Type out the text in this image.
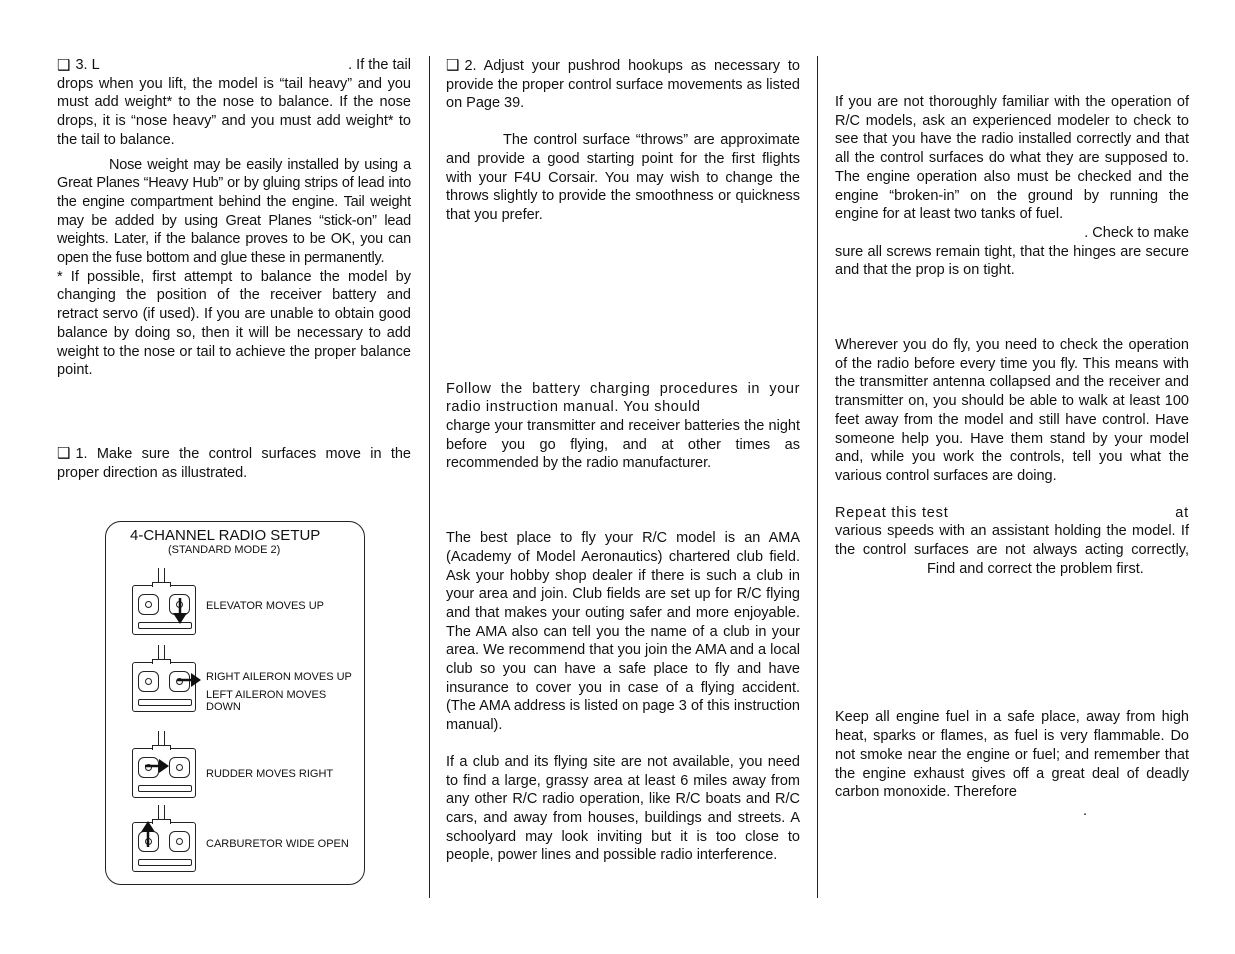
❑ 3. L	. If the tail

drops when you lift, the model is “tail heavy” and you must add weight* to the nose to balance. If the nose drops, it is “nose heavy” and you must add weight* to the tail to balance.

Nose weight may be easily installed by using a Great Planes “Heavy Hub” or by gluing strips of lead into the engine compartment behind the engine. Tail weight may be added by using Great Planes “stick-on” lead weights. Later, if the balance proves to be OK, you can open the fuse bottom and glue these in permanently.

* If possible, first attempt to balance the model by changing the position of the receiver battery and retract servo (if used). If you are unable to obtain good balance by doing so, then it will be necessary to add weight to the nose or tail to achieve the proper balance point.

❑ 1. Make sure the control surfaces move in the proper direction as illustrated.

4-CHANNEL RADIO SETUP
(STANDARD MODE 2)
ELEVATOR MOVES UP
RIGHT AILERON MOVES UP
LEFT AILERON MOVES DOWN
RUDDER MOVES RIGHT
CARBURETOR WIDE OPEN

❑ 2. Adjust your pushrod hookups as necessary to provide the proper control surface movements as listed on Page 39.

The control surface “throws” are approximate and provide a good starting point for the first flights with your F4U Corsair. You may wish to change the throws slightly to provide the smoothness or quickness that you prefer.

Follow the battery charging procedures in your radio instruction manual. You should

charge your transmitter and receiver batteries the night before you go flying, and at other times as recommended by the radio manufacturer.

The best place to fly your R/C model is an AMA (Academy of Model Aeronautics) chartered club field. Ask your hobby shop dealer if there is such a club in your area and join. Club fields are set up for R/C flying and that makes your outing safer and more enjoyable. The AMA also can tell you the name of a club in your area. We recommend that you join the AMA and a local club so you can have a safe place to fly and have insurance to cover you in case of a flying accident. (The AMA address is listed on page 3 of this instruction manual).

If a club and its flying site are not available, you need to find a large, grassy area at least 6 miles away from any other R/C radio operation, like R/C boats and R/C cars, and away from houses, buildings and streets. A schoolyard may look inviting but it is too close to people, power lines and possible radio interference.

If you are not thoroughly familiar with the operation of R/C models, ask an experienced modeler to check to see that you have the radio installed correctly and that all the control surfaces do what they are supposed to. The engine operation also must be checked and the engine “broken-in” on the ground by running the engine for at least two tanks of fuel.

. Check to make

sure all screws remain tight, that the hinges are secure and that the prop is on tight.

Wherever you do fly, you need to check the operation of the radio before every time you fly. This means with the transmitter antenna collapsed and the receiver and transmitter on, you should be able to walk at least 100 feet away from the model and still have control. Have someone help you. Have them stand by your model and, while you work the controls, tell you what the various control surfaces are doing.

Repeat this test	at

various speeds with an assistant holding the model. If the control surfaces are not always acting correctly,Find and correct the problem first.

Keep all engine fuel in a safe place, away from high heat, sparks or flames, as fuel is very flammable. Do not smoke near the engine or fuel; and remember that the engine exhaust gives off a great deal of deadly carbon monoxide. Therefore

.
